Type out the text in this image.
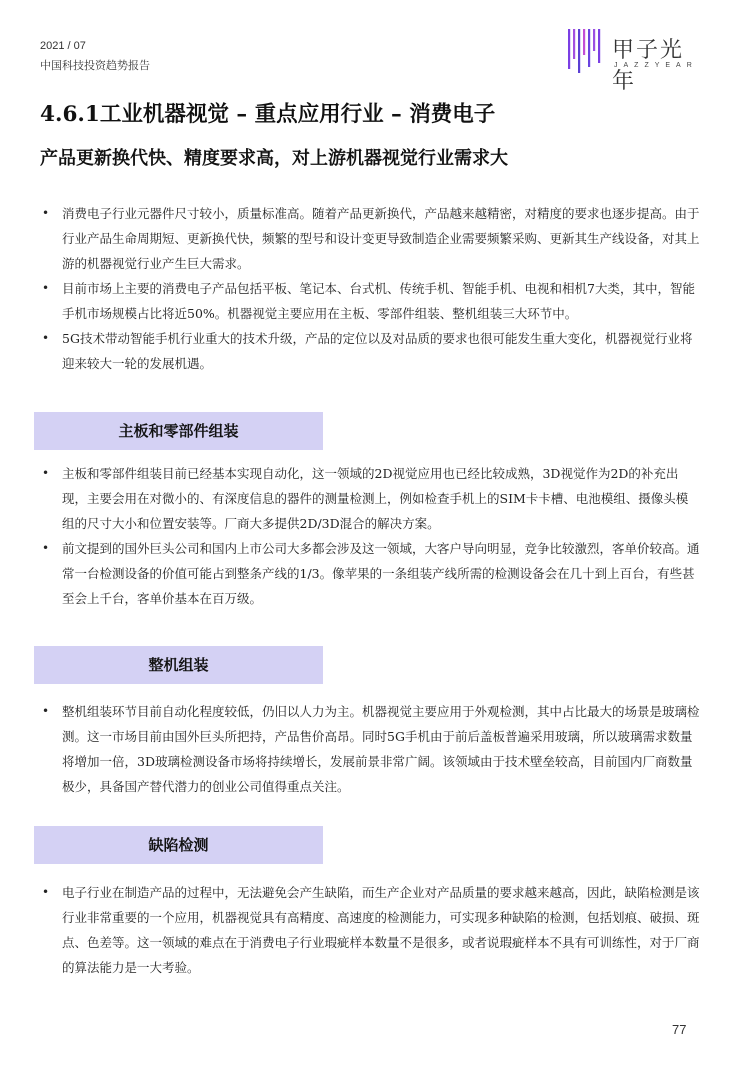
2021 / 07
中国科技投资趋势报告
甲子光年
JAZZYEAR
4.6.1工业机器视觉 – 重点应用行业 – 消费电子
产品更新换代快、精度要求高，对上游机器视觉行业需求大
• 消费电子行业元器件尺寸较小，质量标准高。随着产品更新换代，产品越来越精密，对精度的要求也逐步提高。由于行业产品生命周期短、更新换代快，频繁的型号和设计变更导致制造企业需要频繁采购、更新其生产线设备，对其上游的机器视觉行业产生巨大需求。
• 目前市场上主要的消费电子产品包括平板、笔记本、台式机、传统手机、智能手机、电视和相机7大类，其中，智能手机市场规模占比将近50%。机器视觉主要应用在主板、零部件组装、整机组装三大环节中。
• 5G技术带动智能手机行业重大的技术升级，产品的定位以及对品质的要求也很可能发生重大变化，机器视觉行业将迎来较大一轮的发展机遇。
主板和零部件组装
• 主板和零部件组装目前已经基本实现自动化，这一领域的2D视觉应用也已经比较成熟，3D视觉作为2D的补充出现，主要会用在对微小的、有深度信息的器件的测量检测上，例如检查手机上的SIM卡卡槽、电池模组、摄像头模组的尺寸大小和位置安装等。厂商大多提供2D/3D混合的解决方案。
• 前文提到的国外巨头公司和国内上市公司大多都会涉及这一领域，大客户导向明显，竞争比较激烈，客单价较高。通常一台检测设备的价值可能占到整条产线的1/3。像苹果的一条组装产线所需的检测设备会在几十到上百台，有些甚至会上千台，客单价基本在百万级。
整机组装
• 整机组装环节目前自动化程度较低，仍旧以人力为主。机器视觉主要应用于外观检测，其中占比最大的场景是玻璃检测。这一市场目前由国外巨头所把持，产品售价高昂。同时5G手机由于前后盖板普遍采用玻璃，所以玻璃需求数量将增加一倍，3D玻璃检测设备市场将持续增长，发展前景非常广阔。该领域由于技术壁垒较高，目前国内厂商数量极少，具备国产替代潜力的创业公司值得重点关注。
缺陷检测
• 电子行业在制造产品的过程中，无法避免会产生缺陷，而生产企业对产品质量的要求越来越高，因此，缺陷检测是该行业非常重要的一个应用，机器视觉具有高精度、高速度的检测能力，可实现多种缺陷的检测，包括划痕、破损、斑点、色差等。这一领域的难点在于消费电子行业瑕疵样本数量不是很多，或者说瑕疵样本不具有可训练性，对于厂商的算法能力是一大考验。
77
